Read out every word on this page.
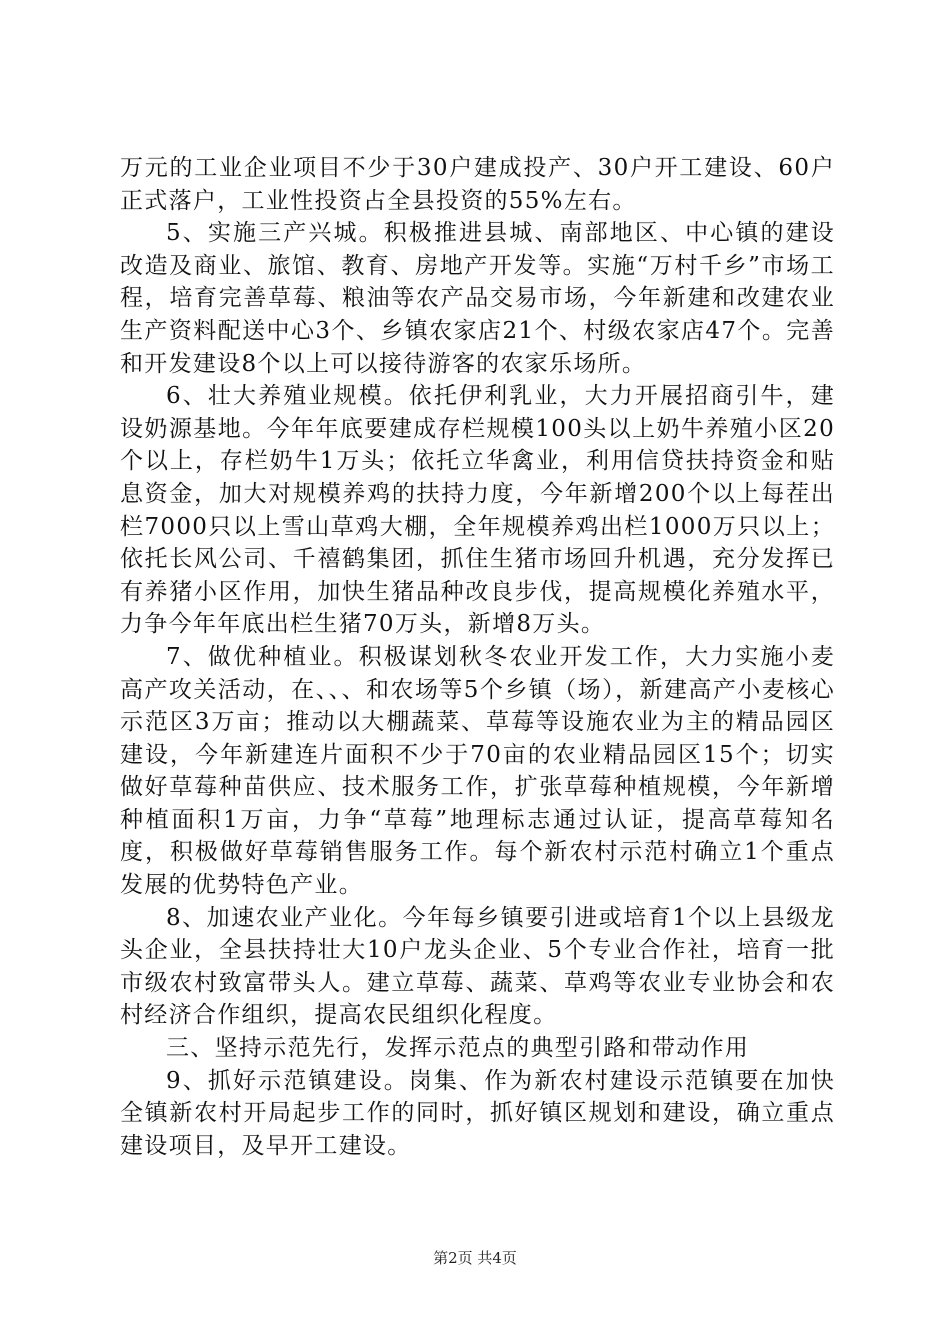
万元的工业企业项目不少于30户建成投产、30户开工建设、60户正式落户，工业性投资占全县投资的55%左右。

5、实施三产兴城。积极推进县城、南部地区、中心镇的建设改造及商业、旅馆、教育、房地产开发等。实施“万村千乡”市场工程，培育完善草莓、粮油等农产品交易市场，今年新建和改建农业生产资料配送中心3个、乡镇农家店21个、村级农家店47个。完善和开发建设8个以上可以接待游客的农家乐场所。

6、壮大养殖业规模。依托伊利乳业，大力开展招商引牛，建设奶源基地。今年年底要建成存栏规模100头以上奶牛养殖小区20个以上，存栏奶牛1万头；依托立华禽业，利用信贷扶持资金和贴息资金，加大对规模养鸡的扶持力度，今年新增200个以上每茬出栏7000只以上雪山草鸡大棚，全年规模养鸡出栏1000万只以上；依托长风公司、千禧鹤集团，抓住生猪市场回升机遇，充分发挥已有养猪小区作用，加快生猪品种改良步伐，提高规模化养殖水平，力争今年年底出栏生猪70万头，新增8万头。

7、做优种植业。积极谋划秋冬农业开发工作，大力实施小麦高产攻关活动，在、、、和农场等5个乡镇（场），新建高产小麦核心示范区3万亩；推动以大棚蔬菜、草莓等设施农业为主的精品园区建设，今年新建连片面积不少于70亩的农业精品园区15个；切实做好草莓种苗供应、技术服务工作，扩张草莓种植规模，今年新增种植面积1万亩，力争“草莓”地理标志通过认证，提高草莓知名度，积极做好草莓销售服务工作。每个新农村示范村确立1个重点发展的优势特色产业。

8、加速农业产业化。今年每乡镇要引进或培育1个以上县级龙头企业，全县扶持壮大10户龙头企业、5个专业合作社，培育一批市级农村致富带头人。建立草莓、蔬菜、草鸡等农业专业协会和农村经济合作组织，提高农民组织化程度。

三、坚持示范先行，发挥示范点的典型引路和带动作用

9、抓好示范镇建设。岗集、作为新农村建设示范镇要在加快全镇新农村开局起步工作的同时，抓好镇区规划和建设，确立重点建设项目，及早开工建设。

第2页 共4页
